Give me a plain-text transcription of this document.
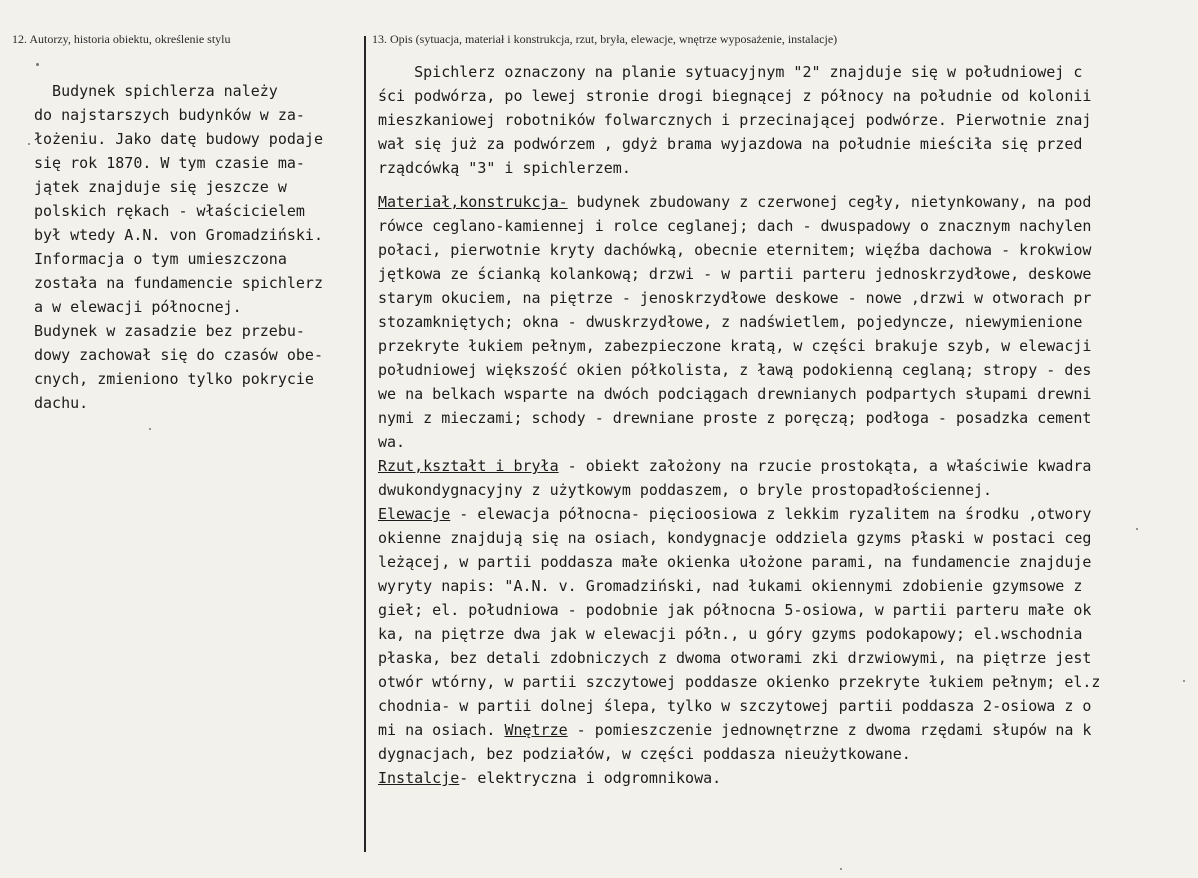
12. Autorzy, historia obiektu, określenie stylu	13. Opis (sytuacja, materiał i konstrukcja, rzut, bryła, elewacje, wnętrze wyposażenie, instalacje)
Budynek spichlerza należy
do najstarszych budynków w za-
łożeniu. Jako datę budowy podaje
się rok 1870. W tym czasie ma-
jątek znajduje się jeszcze w
polskich rękach - właścicielem
był wtedy A.N. von Gromadziński.
Informacja o tym umieszczona
została na fundamencie spichlerz
a w elewacji północnej.
Budynek w zasadzie bez przebu-
dowy zachował się do czasów obe-
cnych, zmieniono tylko pokrycie
dachu.
Spichlerz oznaczony na planie sytuacyjnym "2" znajduje się w południowej c
ści podwórza, po lewej stronie drogi biegnącej z północy na południe od kolonii
mieszkaniowej robotników folwarcznych i przecinającej podwórze. Pierwotnie znaj
wał się już za podwórzem , gdyż brama wyjazdowa na południe mieściła się przed
rządcówką "3" i spichlerzem.
Materiał,konstrukcja- budynek zbudowany z czerwonej cegły, nietynkowany, na pod
rówce ceglano-kamiennej i rolce ceglanej; dach - dwuspadowy o znacznym nachylen
połaci, pierwotnie kryty dachówką, obecnie eternitem; więźba dachowa - krokwiow
jętkowa ze ścianką kolankową; drzwi - w partii parteru jednoskrzydłowe, deskowe
starym okuciem, na piętrze - jenoskrzydłowe deskowe - nowe ,drzwi w otworach pr
stozamkniętych; okna - dwuskrzydłowe, z nadświetlem, pojedyncze, niewymienione
przekryte łukiem pełnym, zabezpieczone kratą, w części brakuje szyb, w elewacji
południowej większość okien półkolista, z ławą podokienną ceglaną; stropy - des
we na belkach wsparte na dwóch podciągach drewnianych podpartych słupami drewni
nymi z mieczami; schody - drewniane proste z poręczą; podłoga - posadzka cement
wa.
Rzut,kształt i bryła - obiekt założony na rzucie prostokąta, a właściwie kwadra
dwukondygnacyjny z użytkowym poddaszem, o bryle prostopadłościennej.
Elewacje - elewacja północna- pięcioosiowa z lekkim ryzalitem na środku ,otwory
okienne znajdują się na osiach, kondygnacje oddziela gzyms płaski w postaci ceg
leżącej, w partii poddasza małe okienka ułożone parami, na fundamencie znajduje
wyryty napis: "A.N. v. Gromadziński, nad łukami okiennymi zdobienie gzymsowe z
gieł; el. południowa - podobnie jak północna 5-osiowa, w partii parteru małe ok
ka, na piętrze dwa jak w elewacji półn., u góry gzyms podokapowy; el.wschodnia
płaska, bez detali zdobniczych z dwoma otworami zki drzwiowymi, na piętrze jest
otwór wtórny, w partii szczytowej poddasze okienko przekryte łukiem pełnym; el.z
chodnia- w partii dolnej ślepa, tylko w szczytowej partii poddasza 2-osiowa z o
mi na osiach. Wnętrze - pomieszczenie jednownętrzne z dwoma rzędami słupów na k
dygnacjach, bez podziałów, w części poddasza nieużytkowane.
Instalcje- elektryczna i odgromnikowa.
